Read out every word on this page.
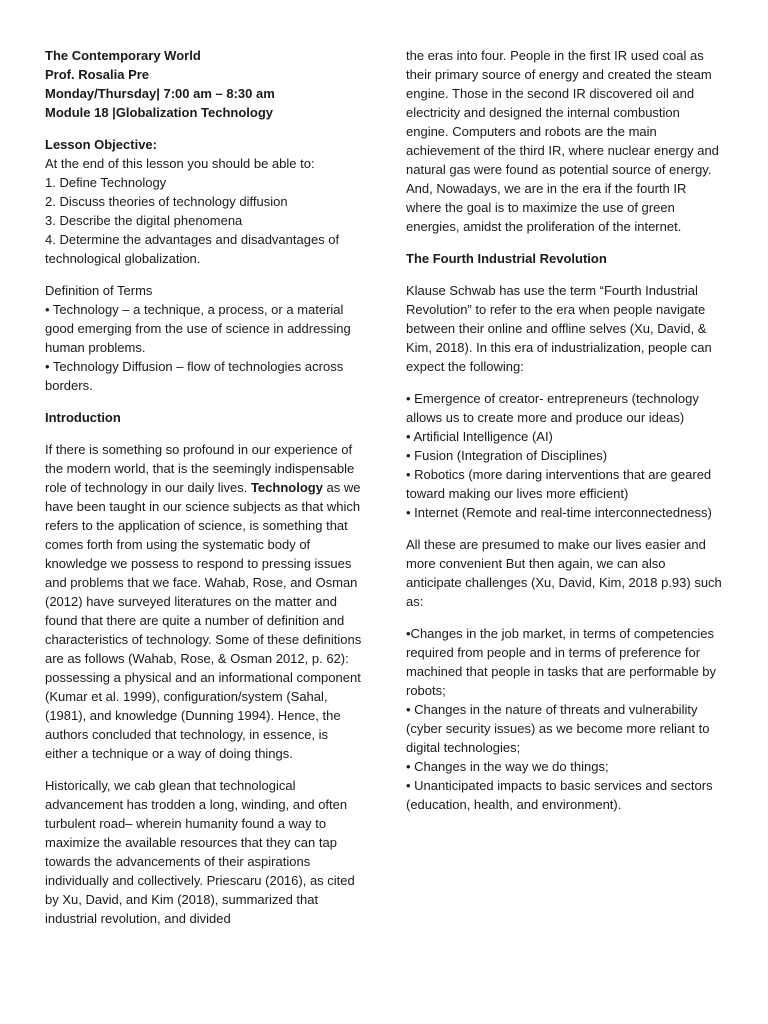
The Contemporary World

Prof. Rosalia Pre

Monday/Thursday| 7:00 am – 8:30 am

Module 18 |Globalization Technology

Lesson Objective:

At the end of this lesson you should be able to:

1. Define Technology

2. Discuss theories of technology diffusion

3. Describe the digital phenomena

4. Determine the advantages and disadvantages of technological globalization.

Definition of Terms

• Technology – a technique, a process, or a material good emerging from the use of science in addressing human problems.

• Technology Diffusion – flow of technologies across borders.

Introduction

If there is something so profound in our experience of the modern world, that is the seemingly indispensable role of technology in our daily lives. Technology as we have been taught in our science subjects as that which refers to the application of science, is something that comes forth from using the systematic body of knowledge we possess to respond to pressing issues and problems that we face. Wahab, Rose, and Osman (2012) have surveyed literatures on the matter and found that there are quite a number of definition and characteristics of technology. Some of these definitions are as follows (Wahab, Rose, & Osman 2012, p. 62): possessing a physical and an informational component (Kumar et al. 1999), configuration/system (Sahal, (1981), and knowledge (Dunning 1994). Hence, the authors concluded that technology, in essence, is either a technique or a way of doing things.

Historically, we cab glean that technological advancement has trodden a long, winding, and often turbulent road– wherein humanity found a way to maximize the available resources that they can tap towards the advancements of their aspirations individually and collectively. Priescaru (2016), as cited by Xu, David, and Kim (2018), summarized that industrial revolution, and divided

the eras into four. People in the first IR used coal as their primary source of energy and created the steam engine. Those in the second IR discovered oil and electricity and designed the internal combustion engine. Computers and robots are the main achievement of the third IR, where nuclear energy and natural gas were found as potential source of energy. And, Nowadays, we are in the era if the fourth IR where the goal is to maximize the use of green energies, amidst the proliferation of the internet.

The Fourth Industrial Revolution

Klause Schwab has use the term “Fourth Industrial Revolution” to refer to the era when people navigate between their online and offline selves (Xu, David, & Kim, 2018). In this era of industrialization, people can expect the following:

• Emergence of creator- entrepreneurs (technology allows us to create more and produce our ideas)

• Artificial Intelligence (AI)

• Fusion (Integration of Disciplines)

• Robotics (more daring interventions that are geared toward making our lives more efficient)

• Internet (Remote and real-time interconnectedness)

All these are presumed to make our lives easier and more convenient But then again, we can also anticipate challenges (Xu, David, Kim, 2018 p.93) such as:

•Changes in the job market, in terms of competencies required from people and in terms of preference for machined that people in tasks that are performable by robots;

• Changes in the nature of threats and vulnerability (cyber security issues) as we become more reliant to digital technologies;

• Changes in the way we do things;

• Unanticipated impacts to basic services and sectors (education, health, and environment).
